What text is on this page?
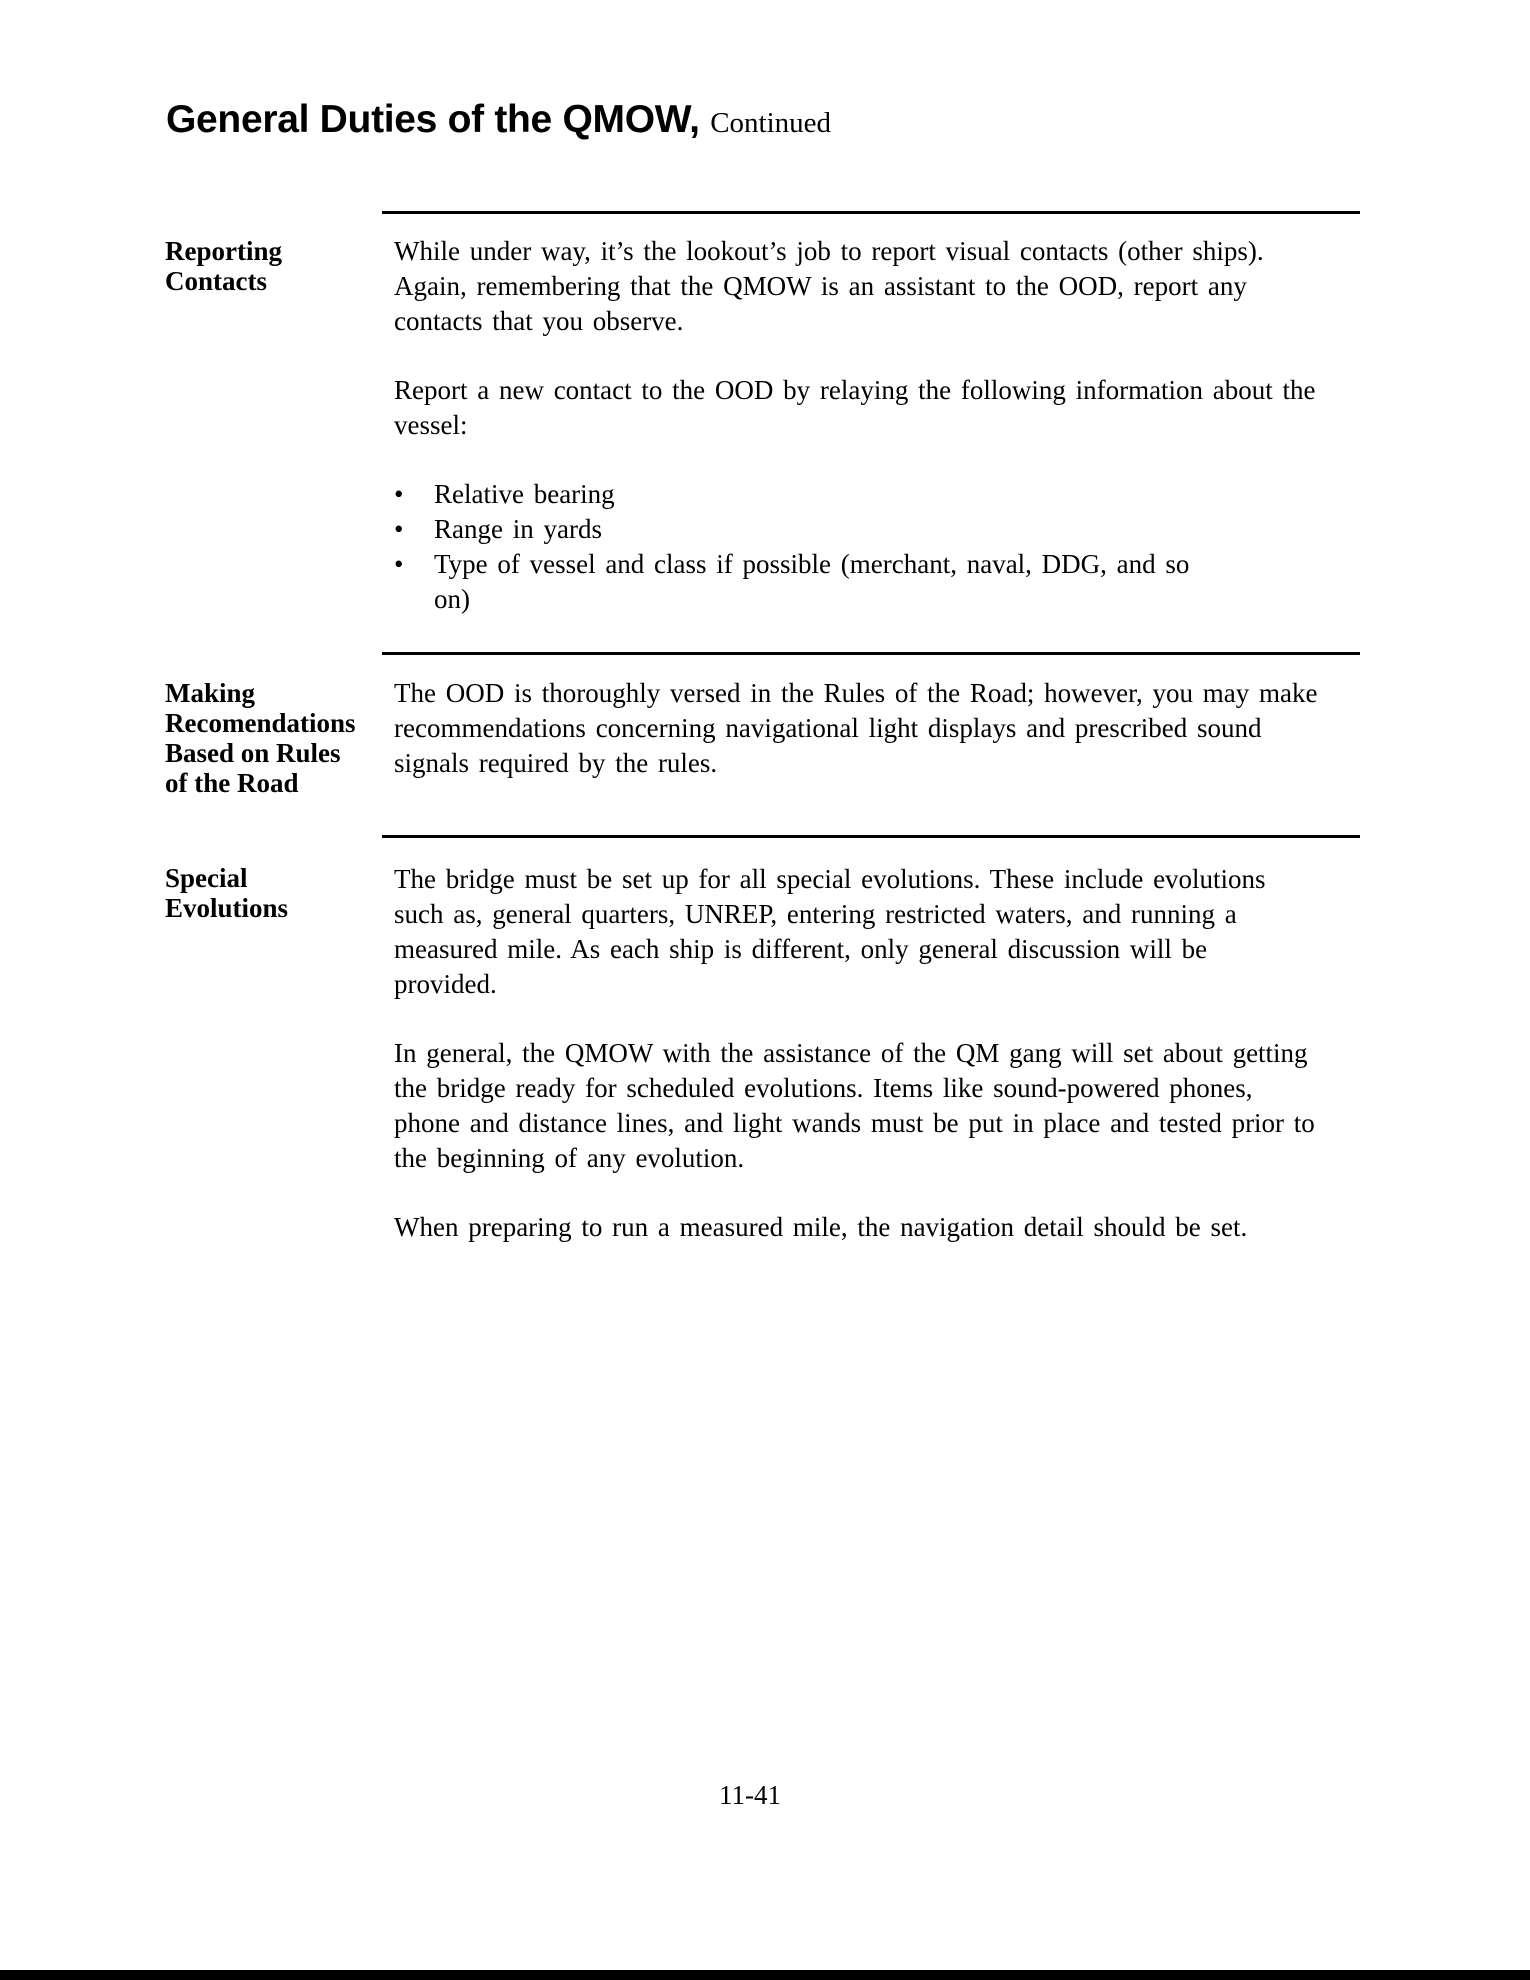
General Duties of the QMOW, Continued
Reporting
Contacts

While under way, it’s the lookout’s job to report visual contacts (other ships). Again, remembering that the QMOW is an assistant to the OOD, report any contacts that you observe.

Report a new contact to the OOD by relaying the following information about the vessel:

• Relative bearing
• Range in yards
• Type of vessel and class if possible (merchant, naval, DDG, and so on)
Making
Recomendations
Based on Rules
of the Road

The OOD is thoroughly versed in the Rules of the Road; however, you may make recommendations concerning navigational light displays and prescribed sound signals required by the rules.

Special
Evolutions

The bridge must be set up for all special evolutions. These include evolutions such as, general quarters, UNREP, entering restricted waters, and running a measured mile. As each ship is different, only general discussion will be provided.

In general, the QMOW with the assistance of the QM gang will set about getting the bridge ready for scheduled evolutions. Items like sound-powered phones, phone and distance lines, and light wands must be put in place and tested prior to the beginning of any evolution.

When preparing to run a measured mile, the navigation detail should be set.

11-41
